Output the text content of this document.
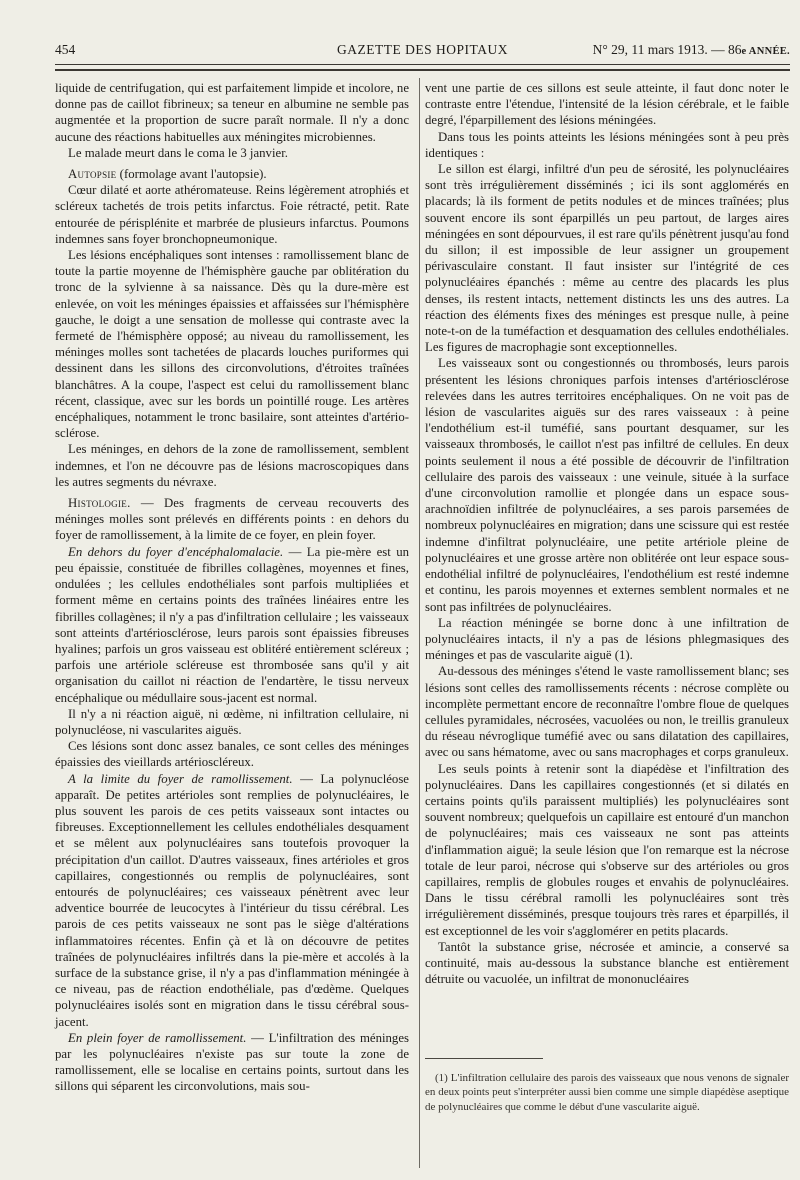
454	GAZETTE DES HOPITAUX	N° 29, 11 mars 1913. — 86e ANNÉE.

liquide de centrifugation, qui est parfaitement limpide et incolore, ne donne pas de caillot fibrineux; sa teneur en albumine ne semble pas augmentée et la proportion de sucre paraît normale. Il n'y a donc aucune des réactions habituelles aux méningites microbiennes.

Le malade meurt dans le coma le 3 janvier.

Autopsie (formolage avant l'autopsie).

Cœur dilaté et aorte athéromateuse. Reins légèrement atrophiés et scléreux tachetés de trois petits infarctus. Foie rétracté, petit. Rate entourée de périsplénite et marbrée de plusieurs infarctus. Poumons indemnes sans foyer bronchopneumonique.

Les lésions encéphaliques sont intenses : ramollissement blanc de toute la partie moyenne de l'hémisphère gauche par oblitération du tronc de la sylvienne à sa naissance. Dès qu la dure-mère est enlevée, on voit les méninges épaissies et affaissées sur l'hémisphère gauche, le doigt a une sensation de mollesse qui contraste avec la fermeté de l'hémisphère opposé; au niveau du ramollissement, les méninges molles sont tachetées de placards louches puriformes qui dessinent dans les sillons des circonvolutions, d'étroites traînées blanchâtres. A la coupe, l'aspect est celui du ramollissement blanc récent, classique, avec sur les bords un pointillé rouge. Les artères encéphaliques, notamment le tronc basilaire, sont atteintes d'artério-sclérose.

Les méninges, en dehors de la zone de ramollissement, semblent indemnes, et l'on ne découvre pas de lésions macroscopiques dans les autres segments du névraxe.

Histologie. — Des fragments de cerveau recouverts des méninges molles sont prélevés en différents points : en dehors du foyer de ramollissement, à la limite de ce foyer, en plein foyer.

En dehors du foyer d'encéphalomalacie. — La pie-mère est un peu épaissie, constituée de fibrilles collagènes, moyennes et fines, ondulées ; les cellules endothéliales sont parfois multipliées et forment même en certains points des traînées linéaires entre les fibrilles collagènes; il n'y a pas d'infiltration cellulaire ; les vaisseaux sont atteints d'artériosclérose, leurs parois sont épaissies fibreuses hyalines; parfois un gros vaisseau est oblitéré entièrement scléreux ; parfois une artériole scléreuse est thrombosée sans qu'il y ait organisation du caillot ni réaction de l'endartère, le tissu nerveux encéphalique ou médullaire sous-jacent est normal.

Il n'y a ni réaction aiguë, ni œdème, ni infiltration cellulaire, ni polynucléose, ni vascularites aiguës.

Ces lésions sont donc assez banales, ce sont celles des méninges épaissies des vieillards artérioscléreux.

A la limite du foyer de ramollissement. — La polynucléose apparaît. De petites artérioles sont remplies de polynucléaires, le plus souvent les parois de ces petits vaisseaux sont intactes ou fibreuses. Exceptionnellement les cellules endothéliales desquament et se mêlent aux polynucléaires sans toutefois provoquer la précipitation d'un caillot. D'autres vaisseaux, fines artérioles et gros capillaires, congestionnés ou remplis de polynucléaires, sont entourés de polynucléaires; ces vaisseaux pénètrent avec leur adventice bourrée de leucocytes à l'intérieur du tissu cérébral. Les parois de ces petits vaisseaux ne sont pas le siège d'altérations inflammatoires récentes. Enfin çà et là on découvre de petites traînées de polynucléaires infiltrés dans la pie-mère et accolés à la surface de la substance grise, il n'y a pas d'inflammation méningée à ce niveau, pas de réaction endothéliale, pas d'œdème. Quelques polynucléaires isolés sont en migration dans le tissu cérébral sous-jacent.

En plein foyer de ramollissement. — L'infiltration des méninges par les polynucléaires n'existe pas sur toute la zone de ramollissement, elle se localise en certains points, surtout dans les sillons qui séparent les circonvolutions, mais sou-

vent une partie de ces sillons est seule atteinte, il faut donc noter le contraste entre l'étendue, l'intensité de la lésion cérébrale, et le faible degré, l'éparpillement des lésions méningées.

Dans tous les points atteints les lésions méningées sont à peu près identiques :

Le sillon est élargi, infiltré d'un peu de sérosité, les polynucléaires sont très irrégulièrement disséminés ; ici ils sont agglomérés en placards; là ils forment de petits nodules et de minces traînées; plus souvent encore ils sont éparpillés un peu partout, de larges aires méningées en sont dépourvues, il est rare qu'ils pénètrent jusqu'au fond du sillon; il est impossible de leur assigner un groupement périvasculaire constant. Il faut insister sur l'intégrité de ces polynucléaires épanchés : même au centre des placards les plus denses, ils restent intacts, nettement distincts les uns des autres. La réaction des éléments fixes des méninges est presque nulle, à peine note-t-on de la tuméfaction et desquamation des cellules endothéliales. Les figures de macrophagie sont exceptionnelles.

Les vaisseaux sont ou congestionnés ou thrombosés, leurs parois présentent les lésions chroniques parfois intenses d'artériosclérose relevées dans les autres territoires encéphaliques. On ne voit pas de lésion de vascularites aiguës sur des rares vaisseaux : à peine l'endothélium est-il tuméfié, sans pourtant desquamer, sur les vaisseaux thrombosés, le caillot n'est pas infiltré de cellules. En deux points seulement il nous a été possible de découvrir de l'infiltration cellulaire des parois des vaisseaux : une veinule, située à la surface d'une circonvolution ramollie et plongée dans un espace sous-arachnoïdien infiltrée de polynucléaires, a ses parois parsemées de nombreux polynucléaires en migration; dans une scissure qui est restée indemne d'infiltrat polynucléaire, une petite artériole pleine de polynucléaires et une grosse artère non oblitérée ont leur espace sous-endothélial infiltré de polynucléaires, l'endothélium est resté indemne et continu, les parois moyennes et externes semblent normales et ne sont pas infiltrées de polynucléaires.

La réaction méningée se borne donc à une infiltration de polynucléaires intacts, il n'y a pas de lésions phlegmasiques des méninges et pas de vascularite aiguë (1).

Au-dessous des méninges s'étend le vaste ramollissement blanc; ses lésions sont celles des ramollissements récents : nécrose complète ou incomplète permettant encore de reconnaître l'ombre floue de quelques cellules pyramidales, nécrosées, vacuolées ou non, le treillis granuleux du réseau névroglique tuméfié avec ou sans dilatation des capillaires, avec ou sans hématome, avec ou sans macrophages et corps granuleux.

Les seuls points à retenir sont la diapédèse et l'infiltration des polynucléaires. Dans les capillaires congestionnés (et si dilatés en certains points qu'ils paraissent multipliés) les polynucléaires sont souvent nombreux; quelquefois un capillaire est entouré d'un manchon de polynucléaires; mais ces vaisseaux ne sont pas atteints d'inflammation aiguë; la seule lésion que l'on remarque est la nécrose totale de leur paroi, nécrose qui s'observe sur des artérioles ou gros capillaires, remplis de globules rouges et envahis de polynucléaires. Dans le tissu cérébral ramolli les polynucléaires sont très irrégulièrement disséminés, presque toujours très rares et éparpillés, il est exceptionnel de les voir s'agglomérer en petits placards.

Tantôt la substance grise, nécrosée et amincie, a conservé sa continuité, mais au-dessous la substance blanche est entièrement détruite ou vacuolée, un infiltrat de mononucléaires

(1) L'infiltration cellulaire des parois des vaisseaux que nous venons de signaler en deux points peut s'interpréter aussi bien comme une simple diapédèse aseptique de polynucléaires que comme le début d'une vascularite aiguë.
